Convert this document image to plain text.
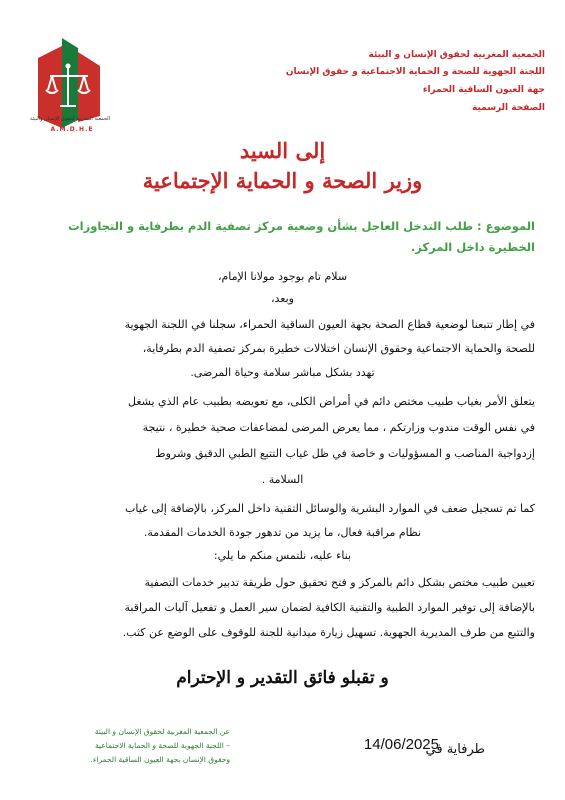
الجمعية المغربية لحقوق الإنسان والبيئة
A.M.D.H.E
الجمعية المغربية لحقوق الإنسان و البيئة
اللجنة الجهوية للصحة و الحماية الاجتماعية و حقوق الإنسان
جهة العيون الساقية الحمراء
الصفحة الرسمية
إلى السيد
وزير الصحة و الحماية الإجتماعية
الموضوع : طلب التدخل العاجل بشأن وضعية مركز تصفية الدم بطرفاية و التجاوزات
الخطيرة داخل المركز.
سلام تام بوجود مولانا الإمام،
وبعد،
في إطار تتبعنا لوضعية قطاع الصحة بجهة العيون الساقية الحمراء، سجلنا في اللجنة الجهوية
للصحة والحماية الاجتماعية وحقوق الإنسان اختلالات خطيرة بمركز تصفية الدم بطرفاية،
تهدد بشكل مباشر سلامة وحياة المرضى.
يتعلق الأمر بغياب طبيب مختص دائم في أمراض الكلى، مع تعويضه بطبيب عام الذي يشغل
في نفس الوقت مندوب وزارتكم ، مما يعرض المرضى لمضاعفات صحية خطيرة ، نتيجة
إزدواجية المناصب و المسؤوليات و خاصة في ظل غياب التتبع الطبي الدقيق وشروط
السلامة .
كما تم تسجيل ضعف في الموارد البشرية والوسائل التقنية داخل المركز، بالإضافة إلى غياب
نظام مراقبة فعال، ما يزيد من تدهور جودة الخدمات المقدمة.
بناء عليه، نلتمس منكم ما يلي:
تعيين طبيب مختص بشكل دائم بالمركز و فتح تحقيق حول طريقة تدبير خدمات التصفية
بالإضافة إلى توفير الموارد الطبية والتقنية الكافية لضمان سير العمل و تفعيل آليات المراقبة
والتتبع من طرف المديرية الجهوية. تسهيل زيارة ميدانية للجنة للوقوف على الوضع عن كثب.
و تقبلو فائق التقدير و الإحترام
طرفاية في
14/06/2025
عن الجمعية المغربية لحقوق الإنسان و البيئة
– اللجنة الجهوية للصحة و الحماية الاجتماعية
وحقوق الإنسان بجهة العيون الساقية الحمراء.
